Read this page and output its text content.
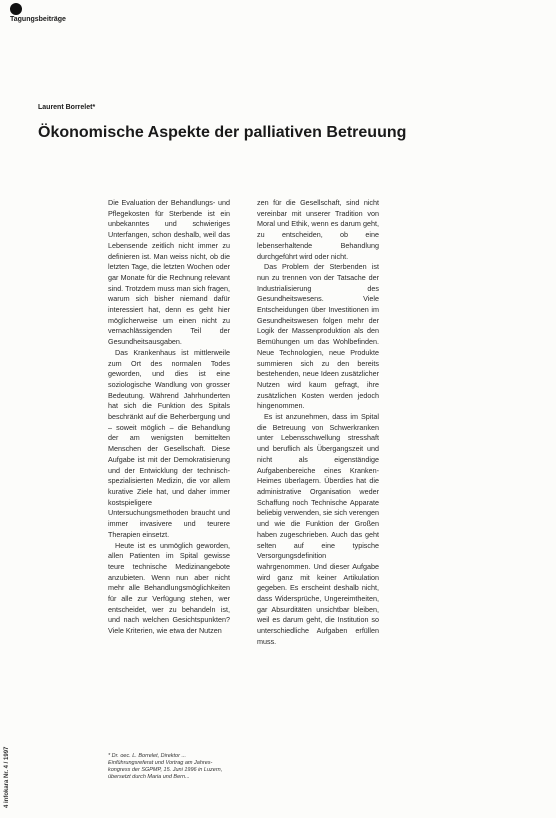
Tagungsbeiträge
Laurent Borrelet*
Ökonomische Aspekte der palliativen Betreuung

Die Evaluation der Behandlungs- und Pflegekosten für Sterbende ist ein unbekanntes und schwieriges Unterfangen, schon deshalb, weil das Lebensende zeitlich nicht immer zu definieren ist. Man weiss nicht, ob die letzten Tage, die letzten Wochen oder gar Monate für die Rechnung relevant sind. Trotzdem muss man sich fragen, warum sich bisher niemand dafür interessiert hat, denn es geht hier möglicherweise um einen nicht zu vernachlässigenden Teil der Gesundheitsausgaben.

Das Krankenhaus ist mittlerweile zum Ort des normalen Todes geworden, und dies ist eine soziologische Wandlung von grosser Bedeutung. Während Jahrhunderten hat sich die Funktion des Spitals beschränkt auf die Beherbergung und – soweit möglich – die Behandlung der am wenigsten bemittelten Menschen der Gesellschaft. Diese Aufgabe ist mit der Demokratisierung und der Entwicklung der technisch-spezialisierten Medizin, die vor allem kurative Ziele hat, und daher immer kostspieligere Untersuchungsmethoden braucht und immer invasivere und teurere Therapien einsetzt.

Heute ist es unmöglich geworden, allen Patienten im Spital gewisse teure technische Medizinangebote anzubieten. Wenn nun aber nicht mehr alle Behandlungsmöglichkeiten für alle zur Verfügung stehen, wer entscheidet, wer zu behandeln ist, und nach welchen Gesichtspunkten? Viele Kriterien, wie etwa der Nutzen

zen für die Gesellschaft, sind nicht vereinbar mit unserer Tradition von Moral und Ethik, wenn es darum geht, zu entscheiden, ob eine lebenserhaltende Behandlung durchgeführt wird oder nicht.

Das Problem der Sterbenden ist nun zu trennen von der Tatsache der Industrialisierung des Gesundheitswesens. Viele Entscheidungen über Investitionen im Gesundheitswesen folgen mehr der Logik der Massenproduktion als den Bemühungen um das Wohlbefinden. Neue Technologien, neue Produkte summieren sich zu den bereits bestehenden, neue Ideen zusätzlicher Nutzen wird kaum gefragt, ihre zusätzlichen Kosten werden jedoch hingenommen.

Es ist anzunehmen, dass im Spital die Betreuung von Schwerkranken unter Lebensschwellung stresshaft und beruflich als Übergangszeit und nicht als eigenständige Aufgabenbereiche eines Kranken-Heimes überlagern. Überdies hat die administrative Organisation weder Schaffung noch Technische Apparate beliebig verwenden, sie sich verengen und wie die Funktion der Großen haben zugeschrieben. Auch das geht selten auf eine typische Versorgungsdefinition wahrgenommen. Und dieser Aufgabe wird ganz mit keiner Artikulation gegeben. Es erscheint deshalb nicht, dass Widersprüche, Ungereimtheiten, gar Absurditäten unsichtbar bleiben, weil es darum geht, die Institution so unterschiedliche Aufgaben erfüllen muss.

* Dr. oec. L. Borrelet, Direktor ...
Einführungsreferat und Vortrag am Jahres-
kongress der SGPMP, 15. Juni 1996 in Luzern,
übersetzt durch Maria und Bern...
4 infokara Nr. 4 / 1997
